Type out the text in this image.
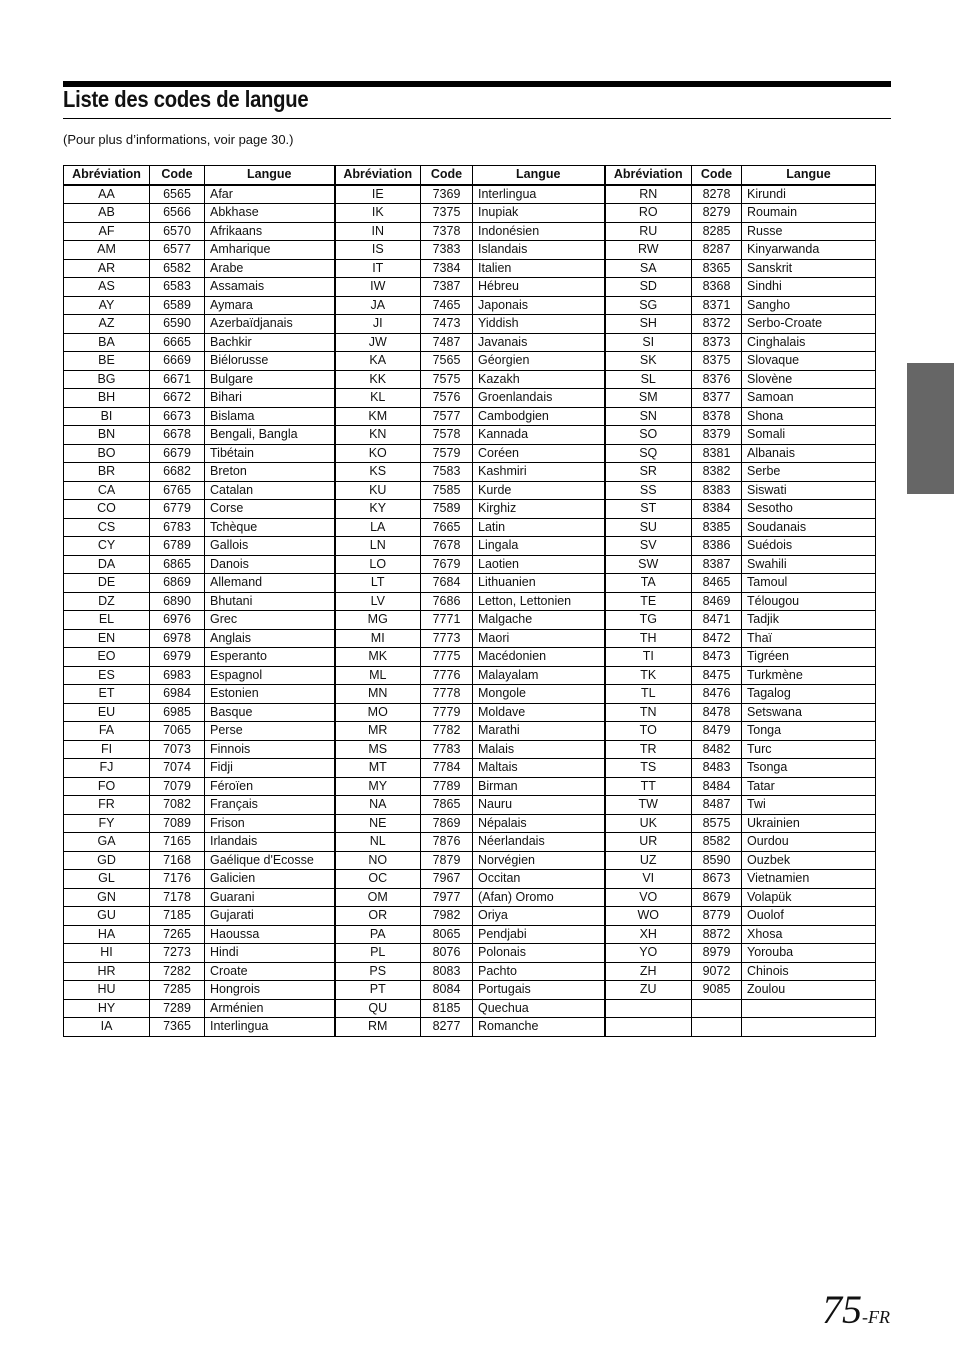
Liste des codes de langue
(Pour plus d’informations, voir page 30.)
Abréviation	Code	Langue	Abréviation	Code	Langue	Abréviation	Code	Langue
AA	6565	Afar	IE	7369	Interlingua	RN	8278	Kirundi
AB	6566	Abkhase	IK	7375	Inupiak	RO	8279	Roumain
AF	6570	Afrikaans	IN	7378	Indonésien	RU	8285	Russe
AM	6577	Amharique	IS	7383	Islandais	RW	8287	Kinyarwanda
AR	6582	Arabe	IT	7384	Italien	SA	8365	Sanskrit
AS	6583	Assamais	IW	7387	Hébreu	SD	8368	Sindhi
AY	6589	Aymara	JA	7465	Japonais	SG	8371	Sangho
AZ	6590	Azerbaïdjanais	JI	7473	Yiddish	SH	8372	Serbo-Croate
BA	6665	Bachkir	JW	7487	Javanais	SI	8373	Cinghalais
BE	6669	Biélorusse	KA	7565	Géorgien	SK	8375	Slovaque
BG	6671	Bulgare	KK	7575	Kazakh	SL	8376	Slovène
BH	6672	Bihari	KL	7576	Groenlandais	SM	8377	Samoan
BI	6673	Bislama	KM	7577	Cambodgien	SN	8378	Shona
BN	6678	Bengali, Bangla	KN	7578	Kannada	SO	8379	Somali
BO	6679	Tibétain	KO	7579	Coréen	SQ	8381	Albanais
BR	6682	Breton	KS	7583	Kashmiri	SR	8382	Serbe
CA	6765	Catalan	KU	7585	Kurde	SS	8383	Siswati
CO	6779	Corse	KY	7589	Kirghiz	ST	8384	Sesotho
CS	6783	Tchèque	LA	7665	Latin	SU	8385	Soudanais
CY	6789	Gallois	LN	7678	Lingala	SV	8386	Suédois
DA	6865	Danois	LO	7679	Laotien	SW	8387	Swahili
DE	6869	Allemand	LT	7684	Lithuanien	TA	8465	Tamoul
DZ	6890	Bhutani	LV	7686	Letton, Lettonien	TE	8469	Télougou
EL	6976	Grec	MG	7771	Malgache	TG	8471	Tadjik
EN	6978	Anglais	MI	7773	Maori	TH	8472	Thaï
EO	6979	Esperanto	MK	7775	Macédonien	TI	8473	Tigréen
ES	6983	Espagnol	ML	7776	Malayalam	TK	8475	Turkmène
ET	6984	Estonien	MN	7778	Mongole	TL	8476	Tagalog
EU	6985	Basque	MO	7779	Moldave	TN	8478	Setswana
FA	7065	Perse	MR	7782	Marathi	TO	8479	Tonga
FI	7073	Finnois	MS	7783	Malais	TR	8482	Turc
FJ	7074	Fidji	MT	7784	Maltais	TS	8483	Tsonga
FO	7079	Féroïen	MY	7789	Birman	TT	8484	Tatar
FR	7082	Français	NA	7865	Nauru	TW	8487	Twi
FY	7089	Frison	NE	7869	Népalais	UK	8575	Ukrainien
GA	7165	Irlandais	NL	7876	Néerlandais	UR	8582	Ourdou
GD	7168	Gaélique d'Ecosse	NO	7879	Norvégien	UZ	8590	Ouzbek
GL	7176	Galicien	OC	7967	Occitan	VI	8673	Vietnamien
GN	7178	Guarani	OM	7977	(Afan) Oromo	VO	8679	Volapük
GU	7185	Gujarati	OR	7982	Oriya	WO	8779	Ouolof
HA	7265	Haoussa	PA	8065	Pendjabi	XH	8872	Xhosa
HI	7273	Hindi	PL	8076	Polonais	YO	8979	Yorouba
HR	7282	Croate	PS	8083	Pachto	ZH	9072	Chinois
HU	7285	Hongrois	PT	8084	Portugais	ZU	9085	Zoulou
HY	7289	Arménien	QU	8185	Quechua			
IA	7365	Interlingua	RM	8277	Romanche			
75-FR
